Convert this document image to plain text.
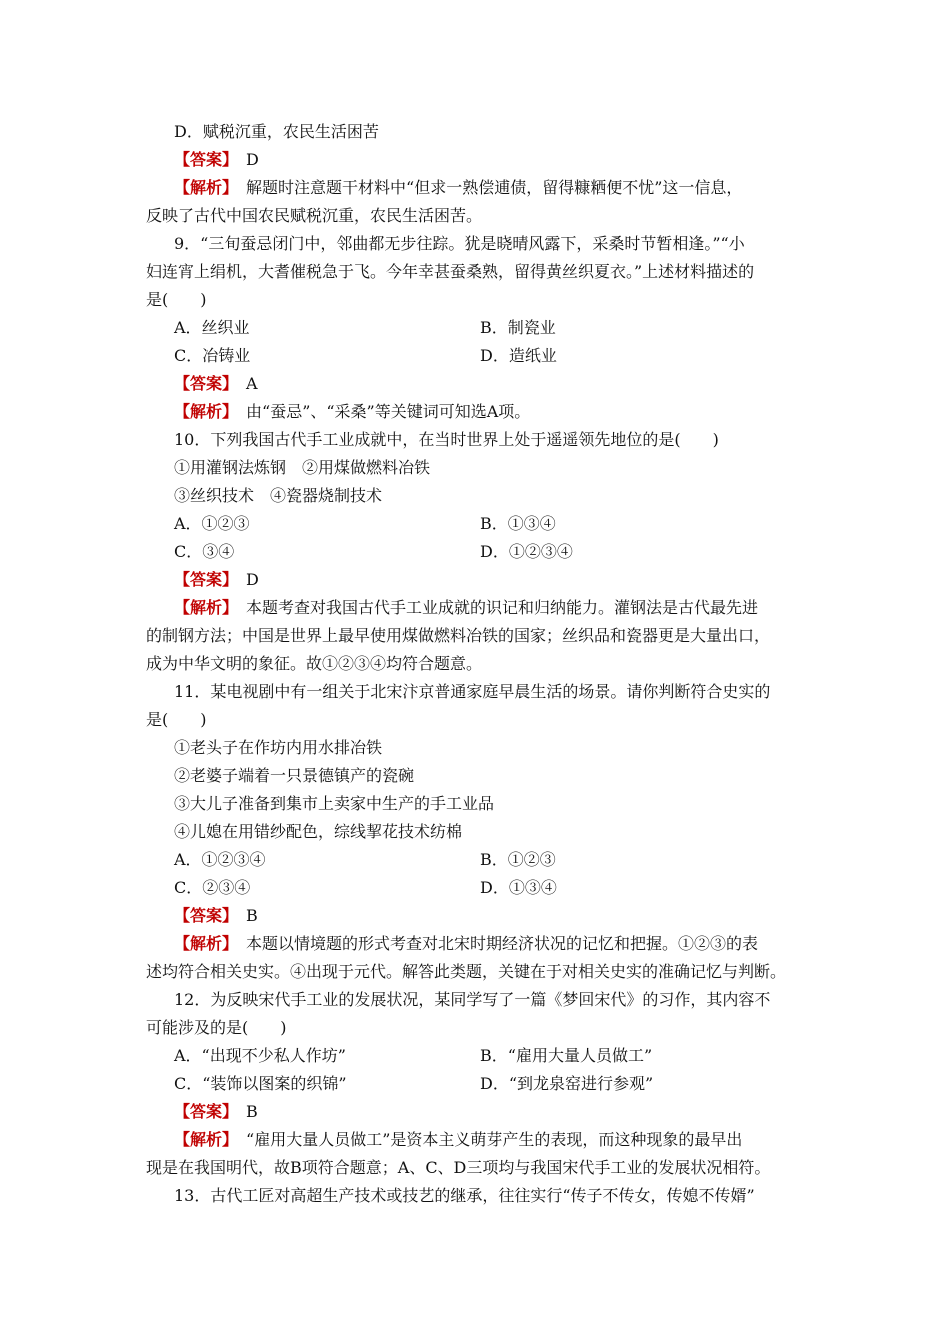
D．赋税沉重，农民生活困苦
【答案】　D
【解析】　解题时注意题干材料中“但求一熟偿逋债，留得糠粞便不忧”这一信息，
反映了古代中国农民赋税沉重，农民生活困苦。
9．“三旬蚕忌闭门中，邻曲都无步往踪。犹是晓晴风露下，采桑时节暂相逢。”“小
妇连宵上绢机，大耆催税急于飞。今年幸甚蚕桑熟，留得黄丝织夏衣。”上述材料描述的
是(　　)
A．丝织业	B．制瓷业
C．冶铸业	D．造纸业
【答案】　A
【解析】　由“蚕忌”、“采桑”等关键词可知选A项。
10．下列我国古代手工业成就中，在当时世界上处于遥遥领先地位的是(　　)
①用灌钢法炼钢　②用煤做燃料冶铁
③丝织技术　④瓷器烧制技术
A．①②③	B．①③④
C．③④	D．①②③④
【答案】　D
【解析】　本题考查对我国古代手工业成就的识记和归纳能力。灌钢法是古代最先进
的制钢方法；中国是世界上最早使用煤做燃料冶铁的国家；丝织品和瓷器更是大量出口，
成为中华文明的象征。故①②③④均符合题意。
11．某电视剧中有一组关于北宋汴京普通家庭早晨生活的场景。请你判断符合史实的
是(　　)
①老头子在作坊内用水排冶铁
②老婆子端着一只景德镇产的瓷碗
③大儿子准备到集市上卖家中生产的手工业品
④儿媳在用错纱配色，综线挈花技术纺棉
A．①②③④	B．①②③
C．②③④	D．①③④
【答案】　B
【解析】　本题以情境题的形式考查对北宋时期经济状况的记忆和把握。①②③的表
述均符合相关史实。④出现于元代。解答此类题，关键在于对相关史实的准确记忆与判断。
12．为反映宋代手工业的发展状况，某同学写了一篇《梦回宋代》的习作，其内容不
可能涉及的是(　　)
A．“出现不少私人作坊”	B．“雇用大量人员做工”
C．“装饰以图案的织锦”	D．“到龙泉窑进行参观”
【答案】　B
【解析】　“雇用大量人员做工”是资本主义萌芽产生的表现，而这种现象的最早出
现是在我国明代，故B项符合题意；A、C、D三项均与我国宋代手工业的发展状况相符。
13．古代工匠对高超生产技术或技艺的继承，往往实行“传子不传女，传媳不传婿”
